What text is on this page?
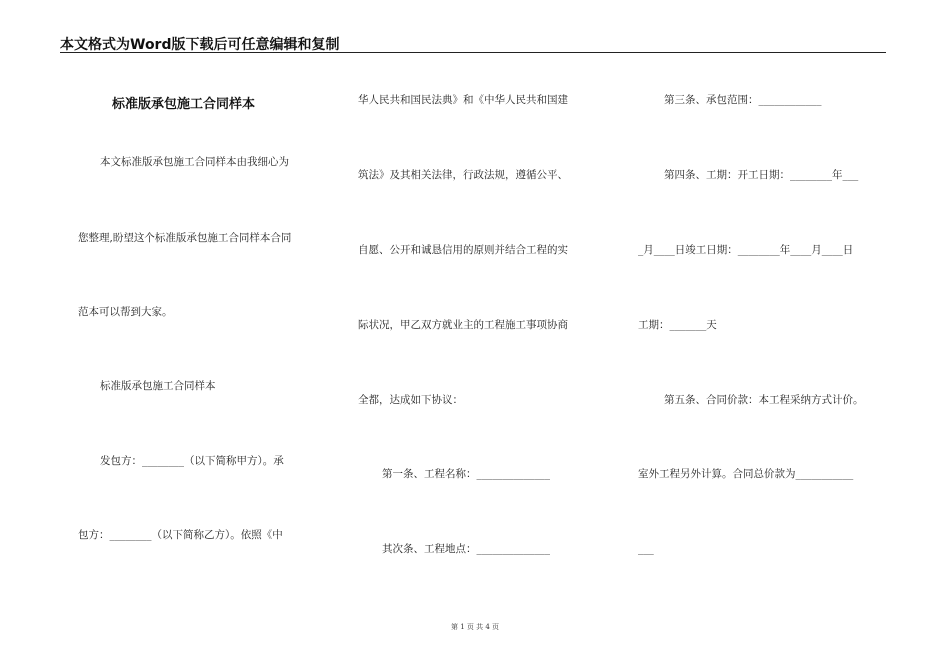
本文格式为Word版下载后可任意编辑和复制
标准版承包施工合同样本
本文标准版承包施工合同样本由我细心为
您整理,盼望这个标准版承包施工合同样本合同
范本可以帮到大家。
标准版承包施工合同样本
发包方：________（以下简称甲方）。承
包方：________（以下简称乙方）。依照《中
华人民共和国民法典》和《中华人民共和国建
筑法》及其相关法律，行政法规，遵循公平、
自愿、公开和诚恳信用的原则并结合工程的实
际状况，甲乙双方就业主的工程施工事项协商
全都，达成如下协议：
第一条、工程名称：______________
其次条、工程地点：______________
第三条、承包范围：____________
第四条、工期：开工日期：________年___
_月____日竣工日期：________年____月____日
工期：_______天
第五条、合同价款：本工程采纳方式计价。
室外工程另外计算。合同总价款为___________
___
第 1 页 共 4 页
